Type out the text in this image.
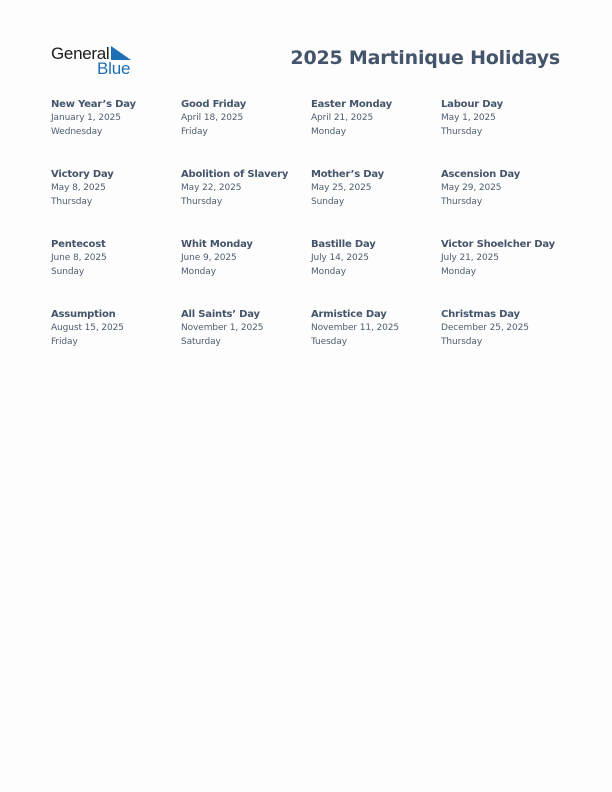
General
Blue	2025 Martinique Holidays
New Year’s Day
January 1, 2025
Wednesday
Good Friday
April 18, 2025
Friday
Easter Monday
April 21, 2025
Monday
Labour Day
May 1, 2025
Thursday
Victory Day
May 8, 2025
Thursday
Abolition of Slavery
May 22, 2025
Thursday
Mother’s Day
May 25, 2025
Sunday
Ascension Day
May 29, 2025
Thursday
Pentecost
June 8, 2025
Sunday
Whit Monday
June 9, 2025
Monday
Bastille Day
July 14, 2025
Monday
Victor Shoelcher Day
July 21, 2025
Monday
Assumption
August 15, 2025
Friday
All Saints’ Day
November 1, 2025
Saturday
Armistice Day
November 11, 2025
Tuesday
Christmas Day
December 25, 2025
Thursday
